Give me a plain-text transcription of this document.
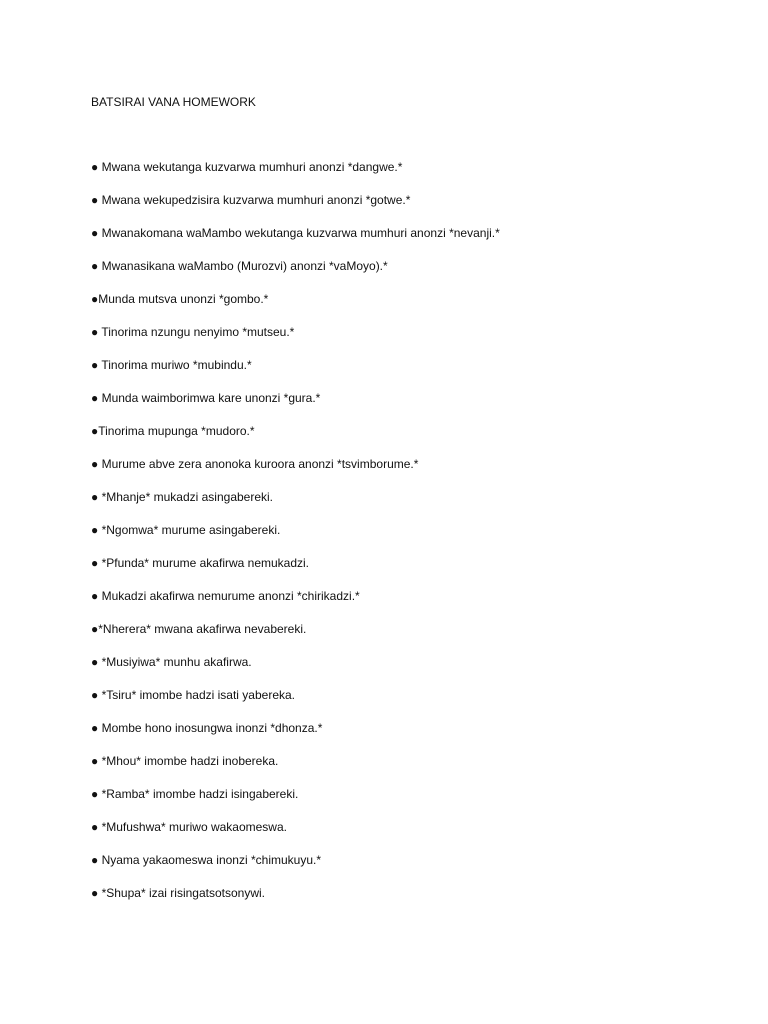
BATSIRAI VANA HOMEWORK
● Mwana wekutanga kuzvarwa mumhuri anonzi *dangwe.*
● Mwana wekupedzisira kuzvarwa mumhuri anonzi *gotwe.*
● Mwanakomana waMambo wekutanga kuzvarwa mumhuri anonzi *nevanji.*
● Mwanasikana waMambo (Murozvi) anonzi *vaMoyo).*
●Munda mutsva unonzi *gombo.*
● Tinorima nzungu nenyimo *mutseu.*
● Tinorima muriwo *mubindu.*
● Munda waimborimwa kare unonzi *gura.*
●Tinorima mupunga *mudoro.*
● Murume abve zera anonoka kuroora anonzi *tsvimborume.*
● *Mhanje* mukadzi asingabereki.
● *Ngomwa* murume asingabereki.
● *Pfunda* murume akafirwa nemukadzi.
● Mukadzi akafirwa nemurume anonzi *chirikadzi.*
●*Nherera* mwana akafirwa nevabereki.
● *Musiyiwa* munhu akafirwa.
● *Tsiru* imombe hadzi isati yabereka.
● Mombe hono inosungwa inonzi *dhonza.*
● *Mhou* imombe hadzi inobereka.
● *Ramba* imombe hadzi isingabereki.
● *Mufushwa* muriwo wakaomeswa.
● Nyama yakaomeswa inonzi *chimukuyu.*
● *Shupa* izai risingatsotsonywi.
